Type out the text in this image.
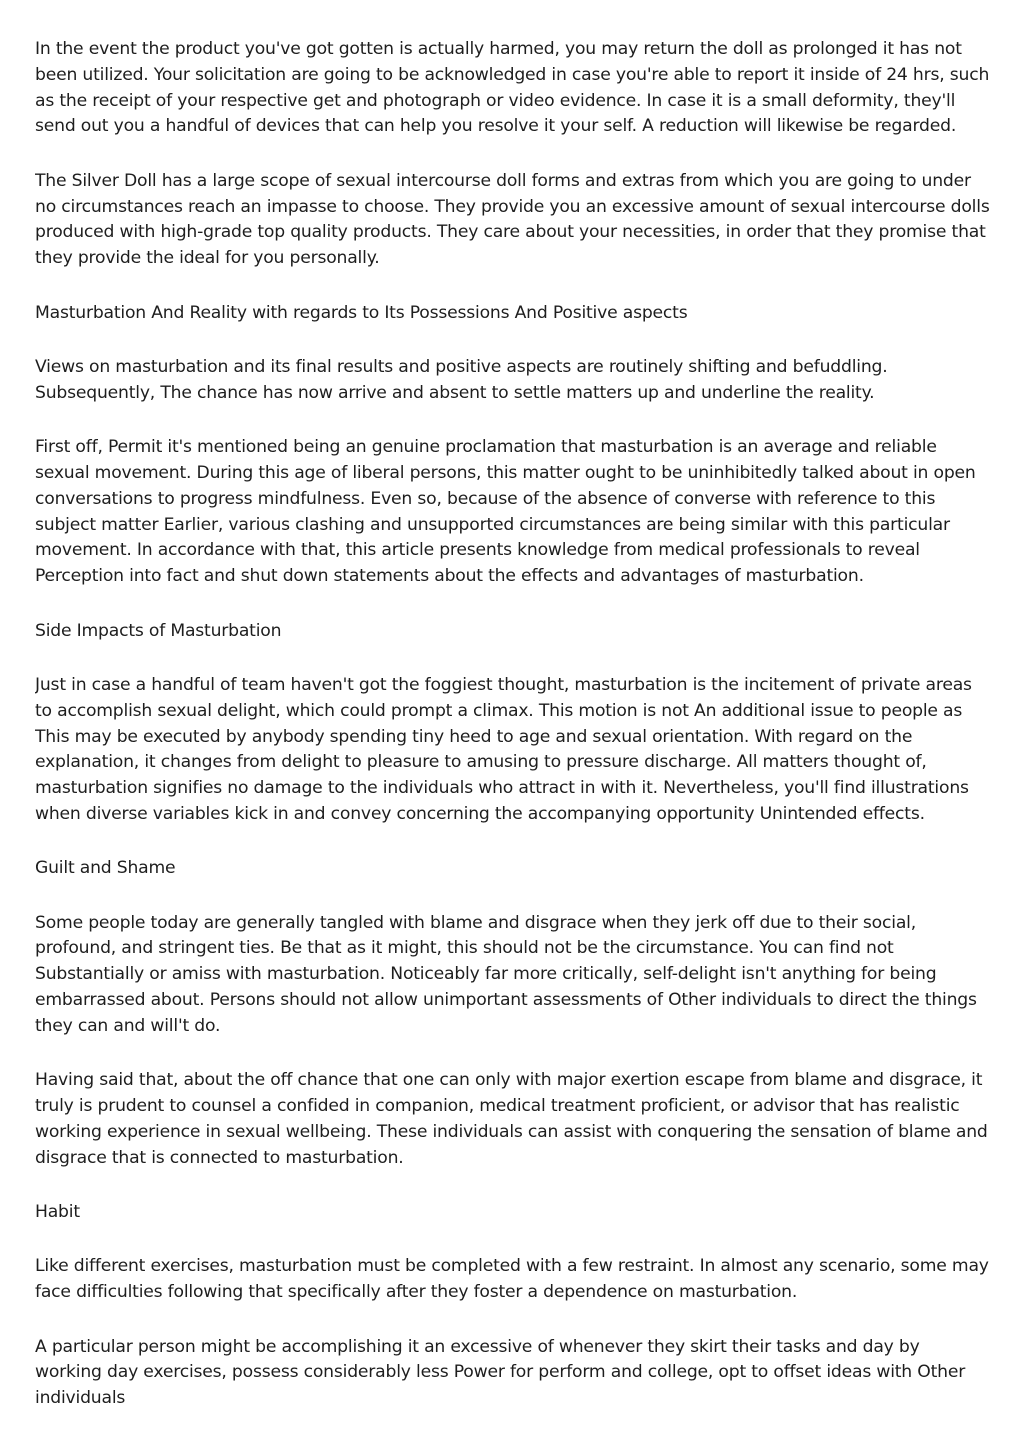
In the event the product you've got gotten is actually harmed, you may return the doll as prolonged it has not been utilized. Your solicitation are going to be acknowledged in case you're able to report it inside of 24 hrs, such as the receipt of your respective get and photograph or video evidence. In case it is a small deformity, they'll send out you a handful of devices that can help you resolve it your self. A reduction will likewise be regarded.

The Silver Doll has a large scope of sexual intercourse doll forms and extras from which you are going to under no circumstances reach an impasse to choose. They provide you an excessive amount of sexual intercourse dolls produced with high-grade top quality products. They care about your necessities, in order that they promise that they provide the ideal for you personally.

Masturbation And Reality with regards to Its Possessions And Positive aspects

Views on masturbation and its final results and positive aspects are routinely shifting and befuddling. Subsequently, The chance has now arrive and absent to settle matters up and underline the reality.

First off, Permit it's mentioned being an genuine proclamation that masturbation is an average and reliable sexual movement. During this age of liberal persons, this matter ought to be uninhibitedly talked about in open conversations to progress mindfulness. Even so, because of the absence of converse with reference to this subject matter Earlier, various clashing and unsupported circumstances are being similar with this particular movement. In accordance with that, this article presents knowledge from medical professionals to reveal Perception into fact and shut down statements about the effects and advantages of masturbation.

Side Impacts of Masturbation

Just in case a handful of team haven't got the foggiest thought, masturbation is the incitement of private areas to accomplish sexual delight, which could prompt a climax. This motion is not An additional issue to people as This may be executed by anybody spending tiny heed to age and sexual orientation. With regard on the explanation, it changes from delight to pleasure to amusing to pressure discharge. All matters thought of, masturbation signifies no damage to the individuals who attract in with it. Nevertheless, you'll find illustrations when diverse variables kick in and convey concerning the accompanying opportunity Unintended effects.

Guilt and Shame

Some people today are generally tangled with blame and disgrace when they jerk off due to their social, profound, and stringent ties. Be that as it might, this should not be the circumstance. You can find not Substantially or amiss with masturbation. Noticeably far more critically, self-delight isn't anything for being embarrassed about. Persons should not allow unimportant assessments of Other individuals to direct the things they can and will't do.

Having said that, about the off chance that one can only with major exertion escape from blame and disgrace, it truly is prudent to counsel a confided in companion, medical treatment proficient, or advisor that has realistic working experience in sexual wellbeing. These individuals can assist with conquering the sensation of blame and disgrace that is connected to masturbation.

Habit

Like different exercises, masturbation must be completed with a few restraint. In almost any scenario, some may face difficulties following that specifically after they foster a dependence on masturbation.

A particular person might be accomplishing it an excessive of whenever they skirt their tasks and day by working day exercises, possess considerably less Power for perform and college, opt to offset ideas with Other individuals
